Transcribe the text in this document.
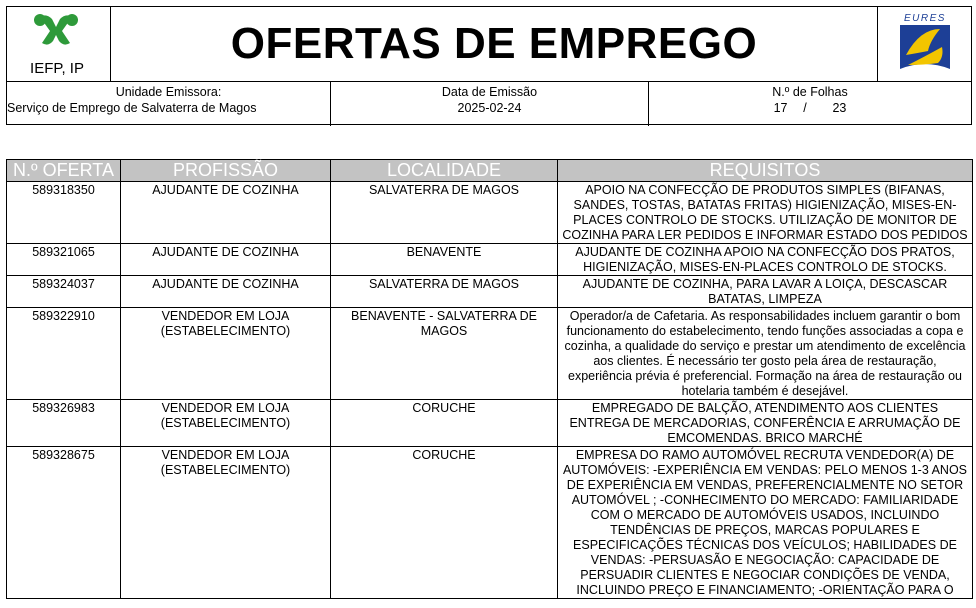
IEFP, IP
OFERTAS DE EMPREGO
EURES
Unidade Emissora:
Serviço de Emprego de Salvaterra de Magos
Data de Emissão
2025-02-24
N.º de Folhas
17 / 23
N.º OFERTA	PROFISSÃO	LOCALIDADE	REQUISITOS
589318350	AJUDANTE DE COZINHA	SALVATERRA DE MAGOS	APOIO NA CONFECÇÃO DE PRODUTOS SIMPLES (BIFANAS, SANDES, TOSTAS, BATATAS FRITAS) HIGIENIZAÇÃO, MISES-EN-PLACES CONTROLO DE STOCKS. UTILIZAÇÃO DE MONITOR DE COZINHA PARA LER PEDIDOS E INFORMAR ESTADO DOS PEDIDOS
589321065	AJUDANTE DE COZINHA	BENAVENTE	AJUDANTE DE COZINHA APOIO NA CONFECÇÃO DOS PRATOS, HIGIENIZAÇÃO, MISES-EN-PLACES CONTROLO DE STOCKS.
589324037	AJUDANTE DE COZINHA	SALVATERRA DE MAGOS	AJUDANTE DE COZINHA, PARA LAVAR A LOIÇA, DESCASCAR BATATAS, LIMPEZA
589322910	VENDEDOR EM LOJA (ESTABELECIMENTO)	BENAVENTE - SALVATERRA DE MAGOS	Operador/a de Cafetaria. As responsabilidades incluem garantir o bom funcionamento do estabelecimento, tendo funções associadas a copa e cozinha, a qualidade do serviço e prestar um atendimento de excelência aos clientes. É necessário ter gosto pela área de restauração, experiência prévia é preferencial. Formação na área de restauração ou hotelaria também é desejável.
589326983	VENDEDOR EM LOJA (ESTABELECIMENTO)	CORUCHE	EMPREGADO DE BALÇÃO, ATENDIMENTO AOS CLIENTES ENTREGA DE MERCADORIAS, CONFERÊNCIA E ARRUMAÇÃO DE EMCOMENDAS. BRICO MARCHÉ
589328675	VENDEDOR EM LOJA (ESTABELECIMENTO)	CORUCHE	EMPRESA DO RAMO AUTOMÓVEL RECRUTA VENDEDOR(A) DE AUTOMÓVEIS: -EXPERIÊNCIA EM VENDAS: PELO MENOS 1-3 ANOS DE EXPERIÊNCIA EM VENDAS, PREFERENCIALMENTE NO SETOR AUTOMÓVEL ; -CONHECIMENTO DO MERCADO: FAMILIARIDADE COM O MERCADO DE AUTOMÓVEIS USADOS, INCLUINDO TENDÊNCIAS DE PREÇOS, MARCAS POPULARES E ESPECIFICAÇÕES TÉCNICAS DOS VEÍCULOS; HABILIDADES DE VENDAS: -PERSUASÃO E NEGOCIAÇÃO: CAPACIDADE DE PERSUADIR CLIENTES E NEGOCIAR CONDIÇÕES DE VENDA, INCLUINDO PREÇO E FINANCIAMENTO; -ORIENTAÇÃO PARA O
